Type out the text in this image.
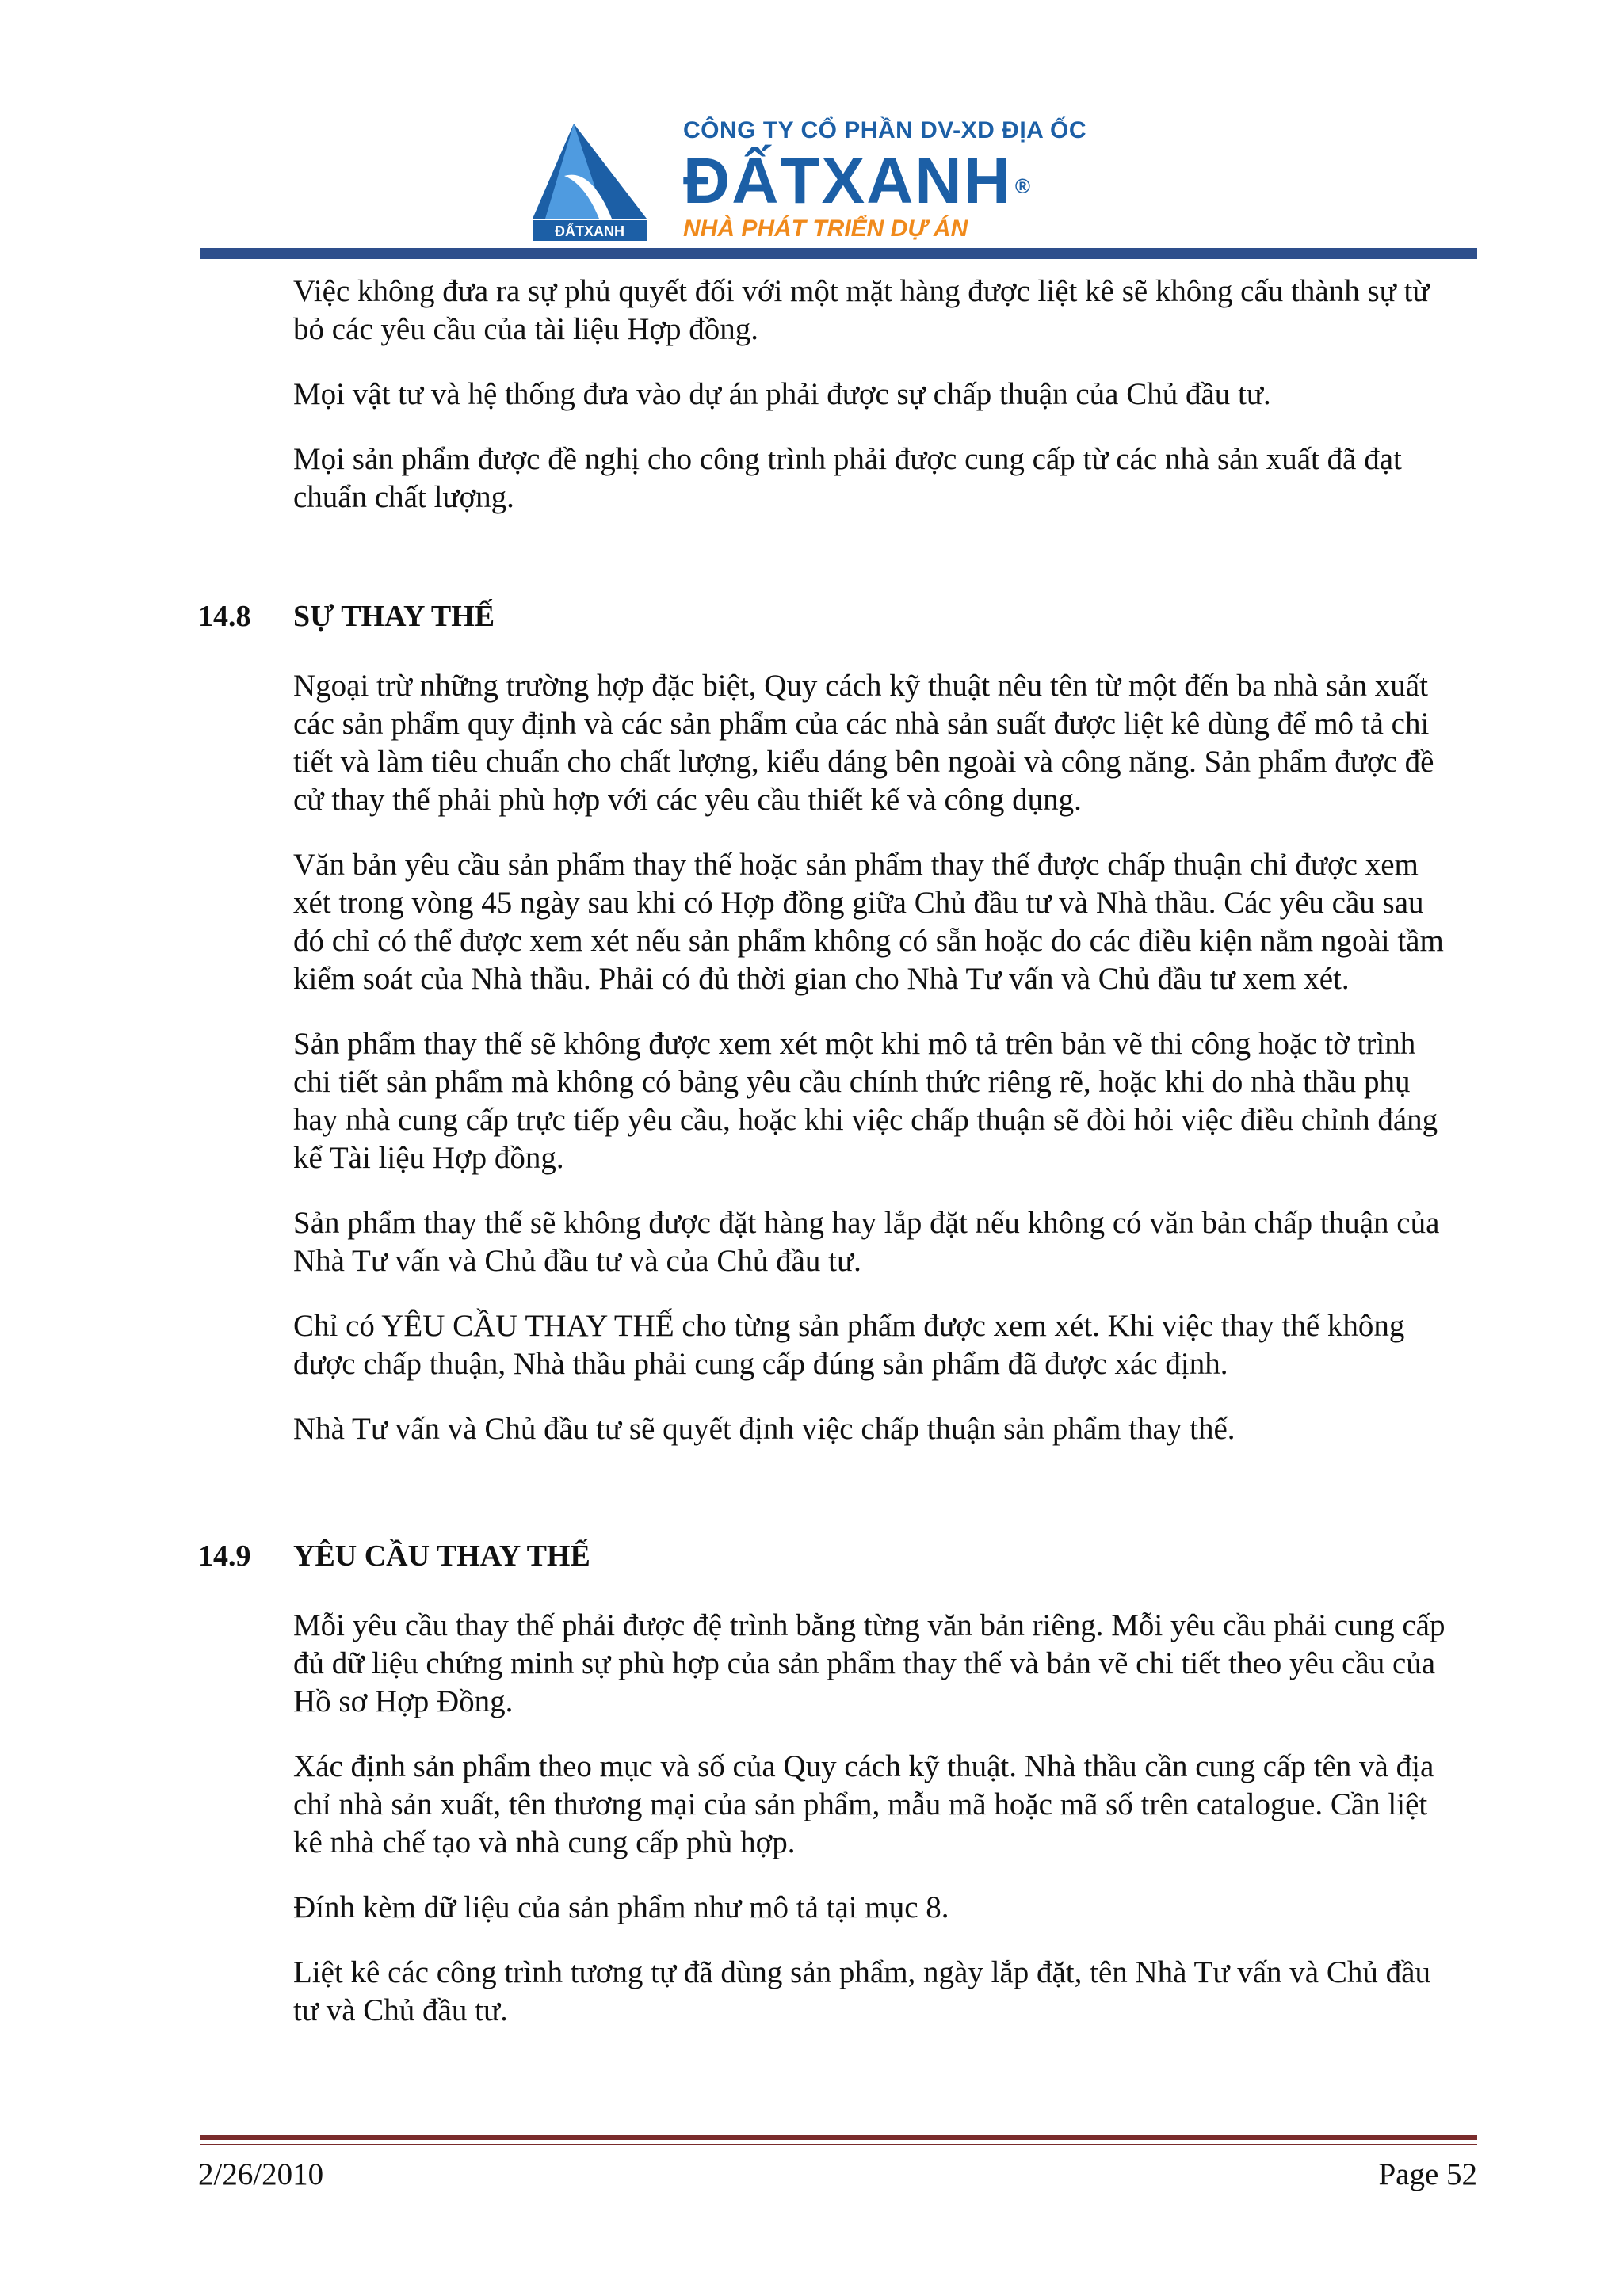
ĐẤTXANH
CÔNG TY CỔ PHẦN DV-XD ĐỊA ỐC
ĐẤTXANH ®
NHÀ PHÁT TRIỂN DỰ ÁN

Việc không đưa ra sự phủ quyết đối với một mặt hàng được liệt kê sẽ không cấu thành sự từ bỏ các yêu cầu của tài liệu Hợp đồng.

Mọi vật tư và hệ thống đưa vào dự án phải được sự chấp thuận của Chủ đầu tư.

Mọi sản phẩm được đề nghị cho công trình phải được cung cấp từ các nhà sản xuất đã đạt chuẩn chất lượng.

14.8	SỰ THAY THẾ

Ngoại trừ những trường hợp đặc biệt, Quy cách kỹ thuật nêu tên từ một đến ba nhà sản xuất các sản phẩm quy định và các sản phẩm của các nhà sản suất được liệt kê dùng để mô tả chi tiết và làm tiêu chuẩn cho chất lượng, kiểu dáng bên ngoài và công năng. Sản phẩm được đề cử thay thế phải phù hợp với các yêu cầu thiết kế và công dụng.

Văn bản yêu cầu sản phẩm thay thế hoặc sản phẩm thay thế được chấp thuận chỉ được xem xét trong vòng 45 ngày sau khi có Hợp đồng giữa Chủ đầu tư và Nhà thầu. Các yêu cầu sau đó chỉ có thể được xem xét nếu sản phẩm không có sẵn hoặc do các điều kiện nằm ngoài tầm kiểm soát của Nhà thầu. Phải có đủ thời gian cho Nhà Tư vấn và Chủ đầu tư xem xét.

Sản phẩm thay thế sẽ không được xem xét một khi mô tả trên bản vẽ thi công hoặc tờ trình chi tiết sản phẩm mà không có bảng yêu cầu chính thức riêng rẽ, hoặc khi do nhà thầu phụ hay nhà cung cấp trực tiếp yêu cầu, hoặc khi việc chấp thuận sẽ đòi hỏi việc điều chỉnh đáng kể Tài liệu Hợp đồng.

Sản phẩm thay thế sẽ không được đặt hàng hay lắp đặt nếu không có văn bản chấp thuận của Nhà Tư vấn và Chủ đầu tư và của Chủ đầu tư.

Chỉ có YÊU CẦU THAY THẾ cho từng sản phẩm được xem xét. Khi việc thay thế không được chấp thuận, Nhà thầu phải cung cấp đúng sản phẩm đã được xác định.

Nhà Tư vấn và Chủ đầu tư sẽ quyết định việc chấp thuận sản phẩm thay thế.

14.9	YÊU CẦU THAY THẾ

Mỗi yêu cầu thay thế phải được đệ trình bằng từng văn bản riêng. Mỗi yêu cầu phải cung cấp đủ dữ liệu chứng minh sự phù hợp của sản phẩm thay thế và bản vẽ chi tiết theo yêu cầu của Hồ sơ Hợp Đồng.

Xác định sản phẩm theo mục và số của Quy cách kỹ thuật. Nhà thầu cần cung cấp tên và địa chỉ nhà sản xuất, tên thương mại của sản phẩm, mẫu mã hoặc mã số trên catalogue. Cần liệt kê nhà chế tạo và nhà cung cấp phù hợp.

Đính kèm dữ liệu của sản phẩm như mô tả tại mục 8.

Liệt kê các công trình tương tự đã dùng sản phẩm, ngày lắp đặt, tên Nhà Tư vấn và Chủ đầu tư và Chủ đầu tư.

2/26/2010	Page 52
